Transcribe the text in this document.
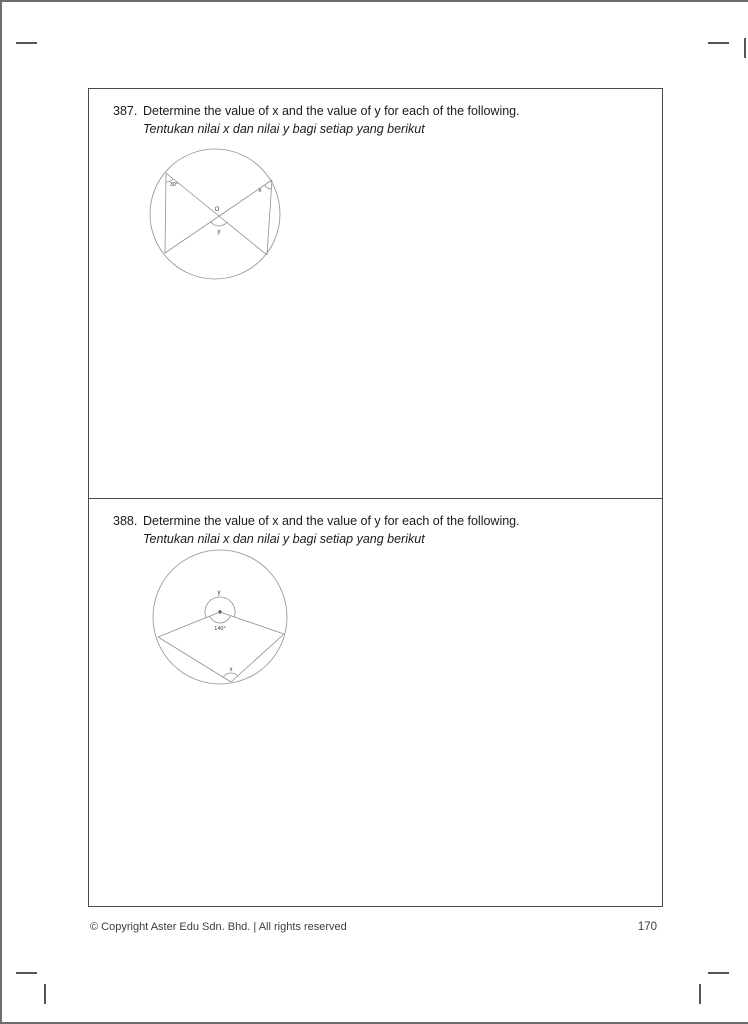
387. Determine the value of x and the value of y for each of the following.
Tentukan nilai x dan nilai y bagi setiap yang berikut
30°
x
O
y
388. Determine the value of x and the value of y for each of the following.
Tentukan nilai x dan nilai y bagi setiap yang berikut
y
140°
x
© Copyright Aster Edu Sdn. Bhd. | All rights reserved	170
